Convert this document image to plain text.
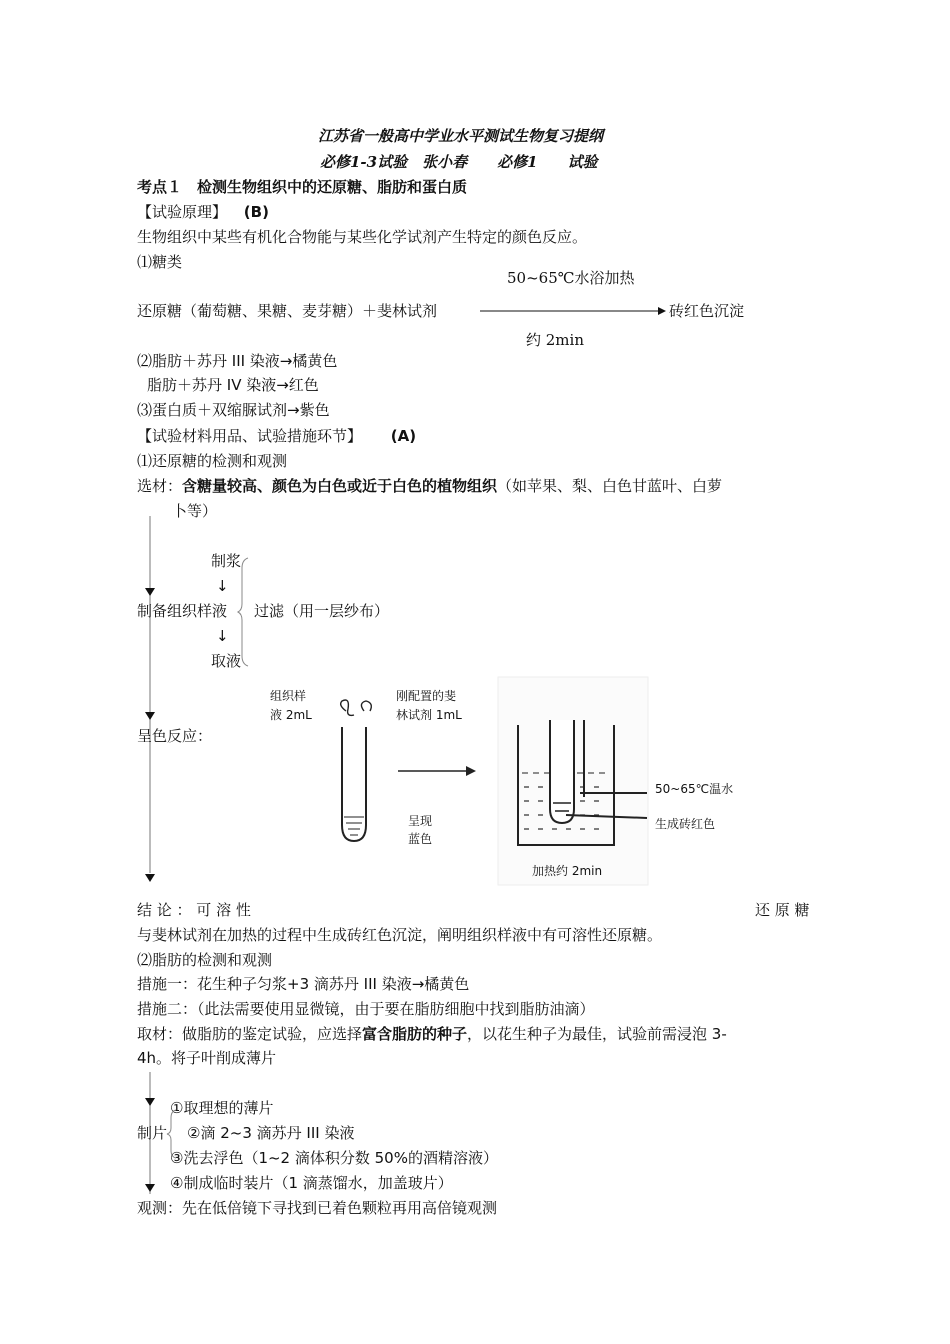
江苏省一般高中学业水平测试生物复习提纲
必修1-3试验　张小春　　必修1　　试验
考点１　检测生物组织中的还原糖、脂肪和蛋白质
【试验原理】 (B)
生物组织中某些有机化合物能与某些化学试剂产生特定的颜色反应。
⑴糖类
50~65℃水浴加热
还原糖（葡萄糖、果糖、麦芽糖）＋斐林试剂	砖红色沉淀
约 2min
⑵脂肪＋苏丹 III 染液→橘黄色
脂肪＋苏丹 IV 染液→红色
⑶蛋白质＋双缩脲试剂→紫色
【试验材料用品、试验措施环节】 (A)
⑴还原糖的检测和观测
选材：含糖量较高、颜色为白色或近于白色的植物组织（如苹果、梨、白色甘蓝叶、白萝
卜等）
制浆
↓
制备组织样液 过滤（用一层纱布）
↓
取液
呈色反应：
组织样
液 2mL
刚配置的斐
林试剂 1mL
呈现
蓝色
50~65℃温水
生成砖红色
加热约 2min
结 论 ： 可 溶 性	还 原 糖
与斐林试剂在加热的过程中生成砖红色沉淀，阐明组织样液中有可溶性还原糖。
⑵脂肪的检测和观测
措施一：花生种子匀浆+3 滴苏丹 III 染液→橘黄色
措施二：（此法需要使用显微镜，由于要在脂肪细胞中找到脂肪油滴）
取材：做脂肪的鉴定试验，应选择富含脂肪的种子，以花生种子为最佳，试验前需浸泡 3-
4h。将子叶削成薄片
①取理想的薄片
制片 ②滴 2~3 滴苏丹 III 染液
③洗去浮色（1~2 滴体积分数 50%的酒精溶液）
④制成临时装片（1 滴蒸馏水，加盖玻片）
观测：先在低倍镜下寻找到已着色颗粒再用高倍镜观测
